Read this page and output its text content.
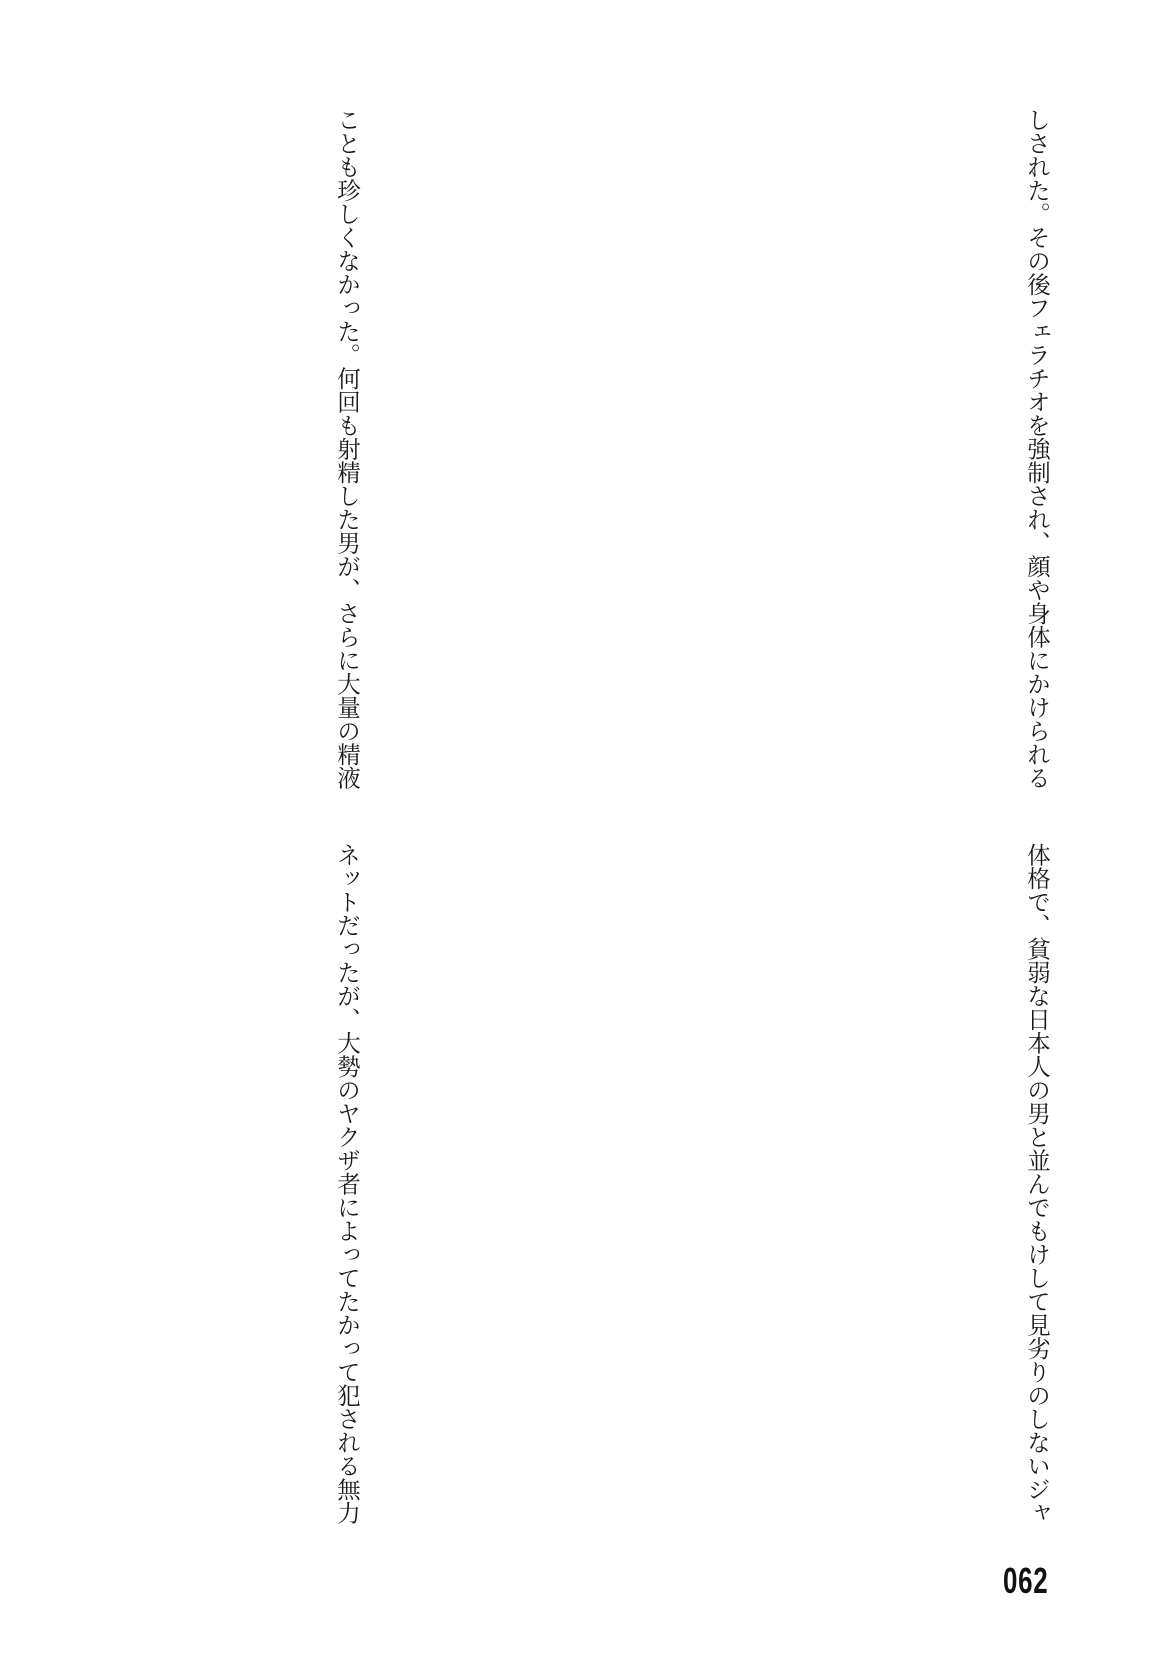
しされた。その後フェラチオを強制され、顔や身体にかけられる
ことも珍しくなかった。何回も射精した男が、さらに大量の精液
体格で、貧弱な日本人の男と並んでもけして見劣りのしないジャ
ネットだったが、大勢のヤクザ者によってたかって犯される無力
062
